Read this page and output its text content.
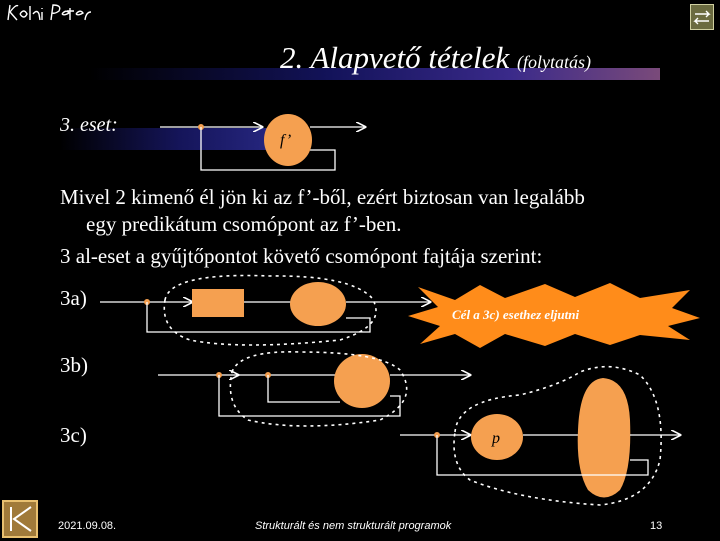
2. Alapvető tételek (folytatás)
3. eset:
Mivel 2 kimenő él jön ki az f’-ből, ezért biztosan van legalább
egy predikátum csomópont az f’-ben.
3 al-eset a gyűjtőpontot követő csomópont fajtája szerint:
3a)
3b)
3c)
f’
Cél a 3c) esethez eljutni
p
2021.09.08.	Strukturált és nem strukturált programok	13
